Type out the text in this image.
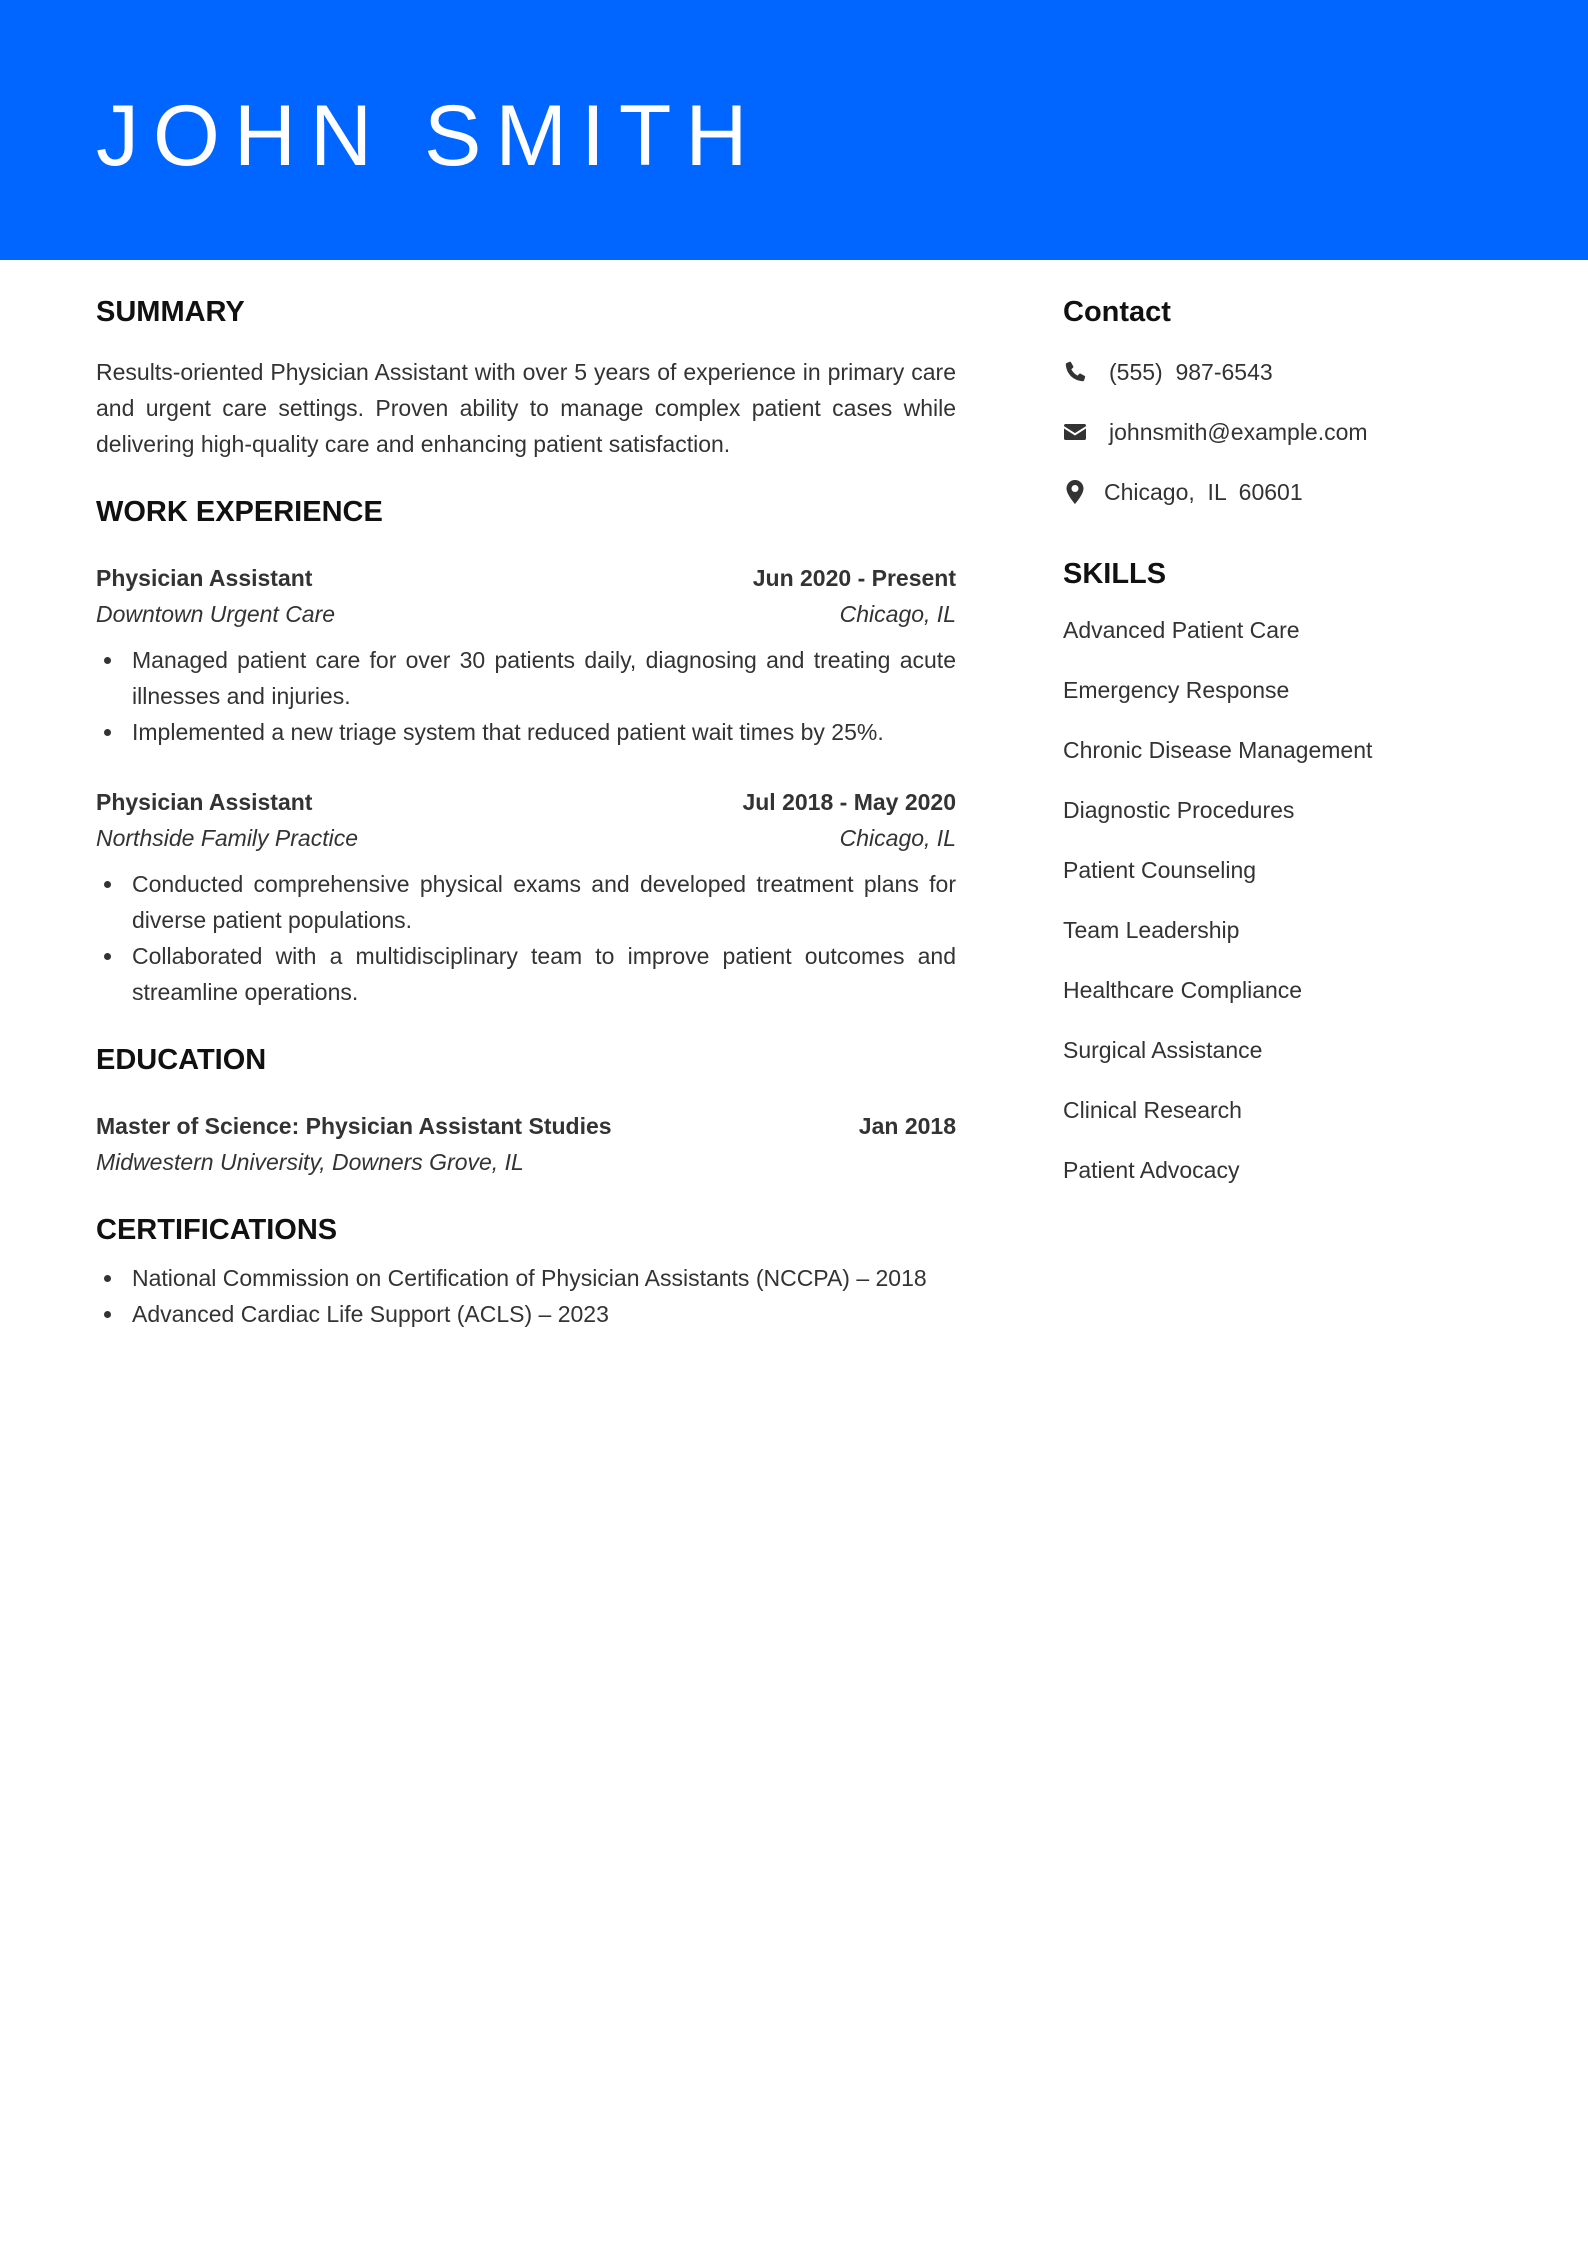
JOHN SMITH
SUMMARY

Results-oriented Physician Assistant with over 5 years of experience in primary care and urgent care settings. Proven ability to manage complex patient cases while delivering high-quality care and enhancing patient satisfaction.

WORK EXPERIENCE
Physician Assistant	Jun 2020 - Present
Downtown Urgent Care	Chicago, IL
Managed patient care for over 30 patients daily, diagnosing and treating acute illnesses and injuries.
Implemented a new triage system that reduced patient wait times by 25%.
Physician Assistant	Jul 2018 - May 2020
Northside Family Practice	Chicago, IL
Conducted comprehensive physical exams and developed treatment plans for diverse patient populations.
Collaborated with a multidisciplinary team to improve patient outcomes and streamline operations.
EDUCATION
Master of Science: Physician Assistant Studies	Jan 2018
Midwestern University, Downers Grove, IL
CERTIFICATIONS
National Commission on Certification of Physician Assistants (NCCPA) – 2018
Advanced Cardiac Life Support (ACLS) – 2023
Contact
(555)  987-6543
johnsmith@example.com
Chicago,  IL  60601
SKILLS
Advanced Patient Care
Emergency Response
Chronic Disease Management
Diagnostic Procedures
Patient Counseling
Team Leadership
Healthcare Compliance
Surgical Assistance
Clinical Research
Patient Advocacy
